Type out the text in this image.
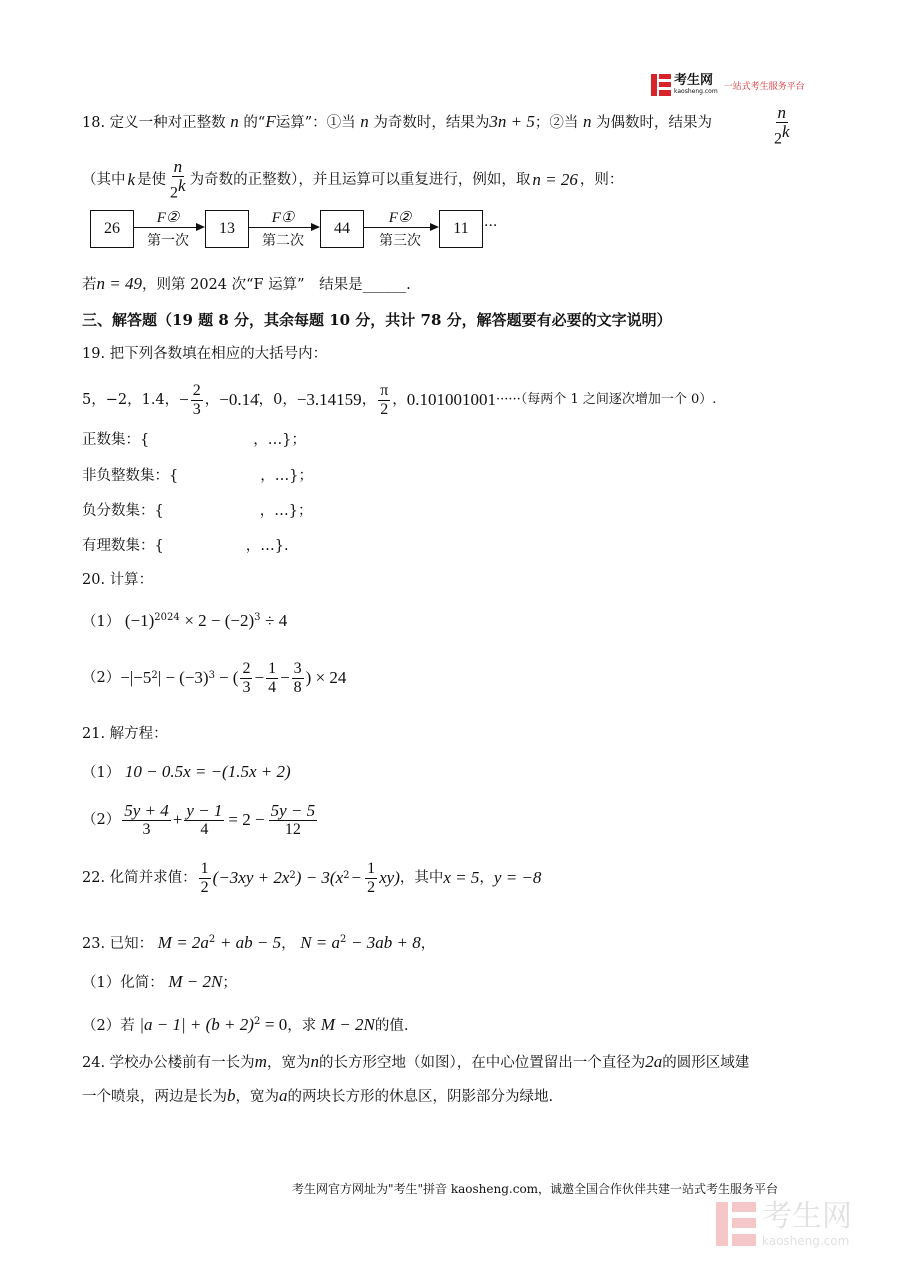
考生网
kaosheng.com 一站式考生服务平台
18. 定义一种对正整数 n 的“F运算”：①当 n 为奇数时，结果为3n + 5；②当 n 为偶数时，结果为	$\frac{n}{2^k}$
（其中 k 是使 $\frac{n}{2^k}$ 为奇数的正整数），并且运算可以重复进行，例如，取 n = 26 ，则：
26
F②
第一次
13
F①
第二次
44
F②
第三次
11	···
若n = 49，则第 2024 次“F 运算”　结果是______.
三、解答题（19 题 8 分，其余每题 10 分，共计 78 分，解答题要有必要的文字说明）
19. 把下列各数填在相应的大括号内：
5，−2，1.4， − $\frac{2}{3}$ ， −0.14̇ ，0， −3.14159 ， $\frac{\pi}{2}$ ， 0.101001001 ······（每两个 1 之间逐次增加一个 0）.
正数集：{	，…}；
非负整数集：{	，…}；
负分数集：{	，…}；
有理数集：{	，…}.
20. 计算：
（1） $(-1)^{2024} \times 2 - (-2)^3 \div 4$
（2） −|−5 2 | − (−3) 3 − ( $\frac{2}{3} - \frac{1}{4} - \frac{3}{8}$ ) × 24
21. 解方程：
（1） 10 − 0.5x = −(1.5x + 2)
$(2) \frac{5y + 4}{3} + \frac{y - 1}{4} = 2 - \frac{5y - 5}{12}$
22. 化简并求值： $\frac{1}{2} (-3xy + 2x$ 2 ) − 3(x $2 - \frac{1}{2} xy$) ，其中 x = 5 ， y = −8
23. 已知： $M = 2a^2$ + ab − 5， $N = a^2 - 3ab + 8$，
（1）化简： M − 2N；
（2）若 $|a - 1| + (b + 2)^2 = 0$，求 M − 2N的值.
24. 学校办公楼前有一长为m，宽为n的长方形空地（如图），在中心位置留出一个直径为2a的圆形区域建
一个喷泉，两边是长为b，宽为a的两块长方形的休息区，阴影部分为绿地.
考生网官方网址为"考生"拼音 kaosheng.com，诚邀全国合作伙伴共建一站式考生服务平台
考生网
kaosheng.com
